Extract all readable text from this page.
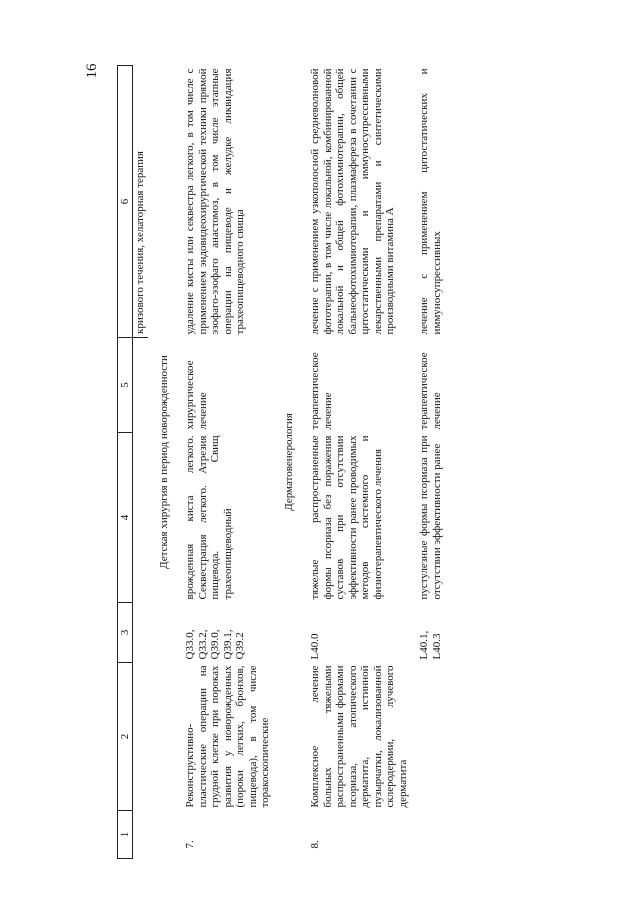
16
1	2	3	4	5	6
					кризового течения, хелаторная терапия
Детская хирургия в период новорожденности					
7.	Реконструктивно-пластические операции на грудной клетке при пороках развития у новорожденных (пороки легких, бронхов, пищевода), в том числе торакоскопические	Q33.0, Q33.2, Q39.0, Q39.1, Q39.2	врожденная киста легкого. Секвестрация легкого. Атрезия пищевода. Свищ трахеопищеводный	хирургическое лечение	удаление кисты или секвестра легкого, в том числе с применением эндовидеохирургической техники прямой эзофаго-эзофаго анастомоз, в том числе этапные операции на пищеводе и желудке ликвидация трахеопищеводного свища
Дерматовенерология					
8.	Комплексное лечение больных тяжелыми распространенными формами псориаза, атопического дерматита, истинной пузырчатки, локализованной склеродермии, лучевого дерматита	L40.0	тяжелые распространенные формы псориаза без поражения суставов при отсутствии эффективности ранее проводимых методов системного и физиотерапевтического лечения	терапевтическое лечение	лечение с применением узкополосной средневолновой фототерапии, в том числе локальной, комбинированной локальной и общей фотохимиотерапии, общей бальнеофотохимиотерапии, плазмафереза в сочетании с цитостатическими и иммуносупрессивными лекарственными препаратами и синтетическими производными витамина А
		L40.1, L40.3	пустулезные формы псориаза при отсутствии эффективности ранее	терапевтическое лечение	лечение с применением цитостатических и иммуносупрессивных
